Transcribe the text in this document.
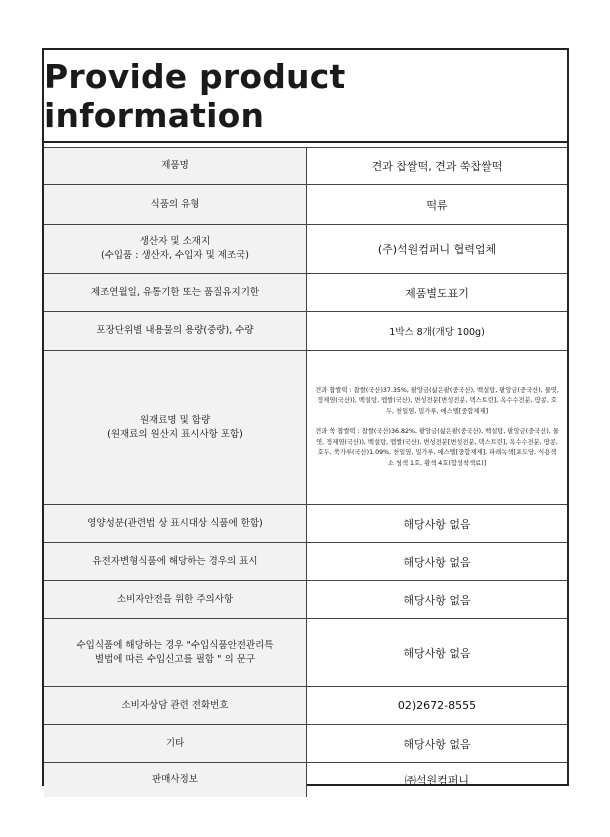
Provide product information
제품명	견과 찹쌀떡, 견과 쑥찹쌀떡
식품의 유형	떡류
생산자 및 소재지
(수입품 : 생산자, 수입자 및 제조국)	(주)석원컴퍼니 협력업체
제조연월일, 유통기한 또는 품질유지기한	제품별도표기
포장단위별 내용물의 용량(중량), 수량	1박스 8개(개당 100g)
원재료명 및 함량
(원재료의 원산지 표시사항 포함)
견과 찹쌀떡 : 찹쌀(국산)37.35%, 팥앙금(삶은팥(중국산), 백설탕, 팥앙금(중국산), 물엿, 정제염(국산)), 백설탕, 멥쌀(국산), 변성전분[변성전분, 덱스트린], 옥수수전분, 땅콩, 호두, 천일염, 밀가루, 에스텔[중합제제]
견과 쑥 찹쌀떡 : 찹쌀(국산)36.82%, 팥앙금(삶은팥(중국산), 백설탕, 팥앙금(중국산), 물엿, 정제염(국산)), 백설탕, 멥쌀(국산), 변성전분[변성전분, 덱스트린], 옥수수전분, 땅콩, 호두, 쑥가루(국산)1.09%, 천일염, 밀가루, 에스텔[중합제제], 파래녹색[포도당, 식용색소 청색 1호, 황색 4호(합성착색료)]
영양성분(관련법 상 표시대상 식품에 한함)	해당사항 없음
유전자변형식품에 해당하는 경우의 표시	해당사항 없음
소비자안전을 위한 주의사항	해당사항 없음
수입식품에 해당하는 경우 "수입식품안전관리특
별법에 따른 수입신고를 필함 " 의 문구	해당사항 없음
소비자상담 관련 전화번호	02)2672-8555
기타	해당사항 없음
판매사정보	㈜석원컴퍼니
